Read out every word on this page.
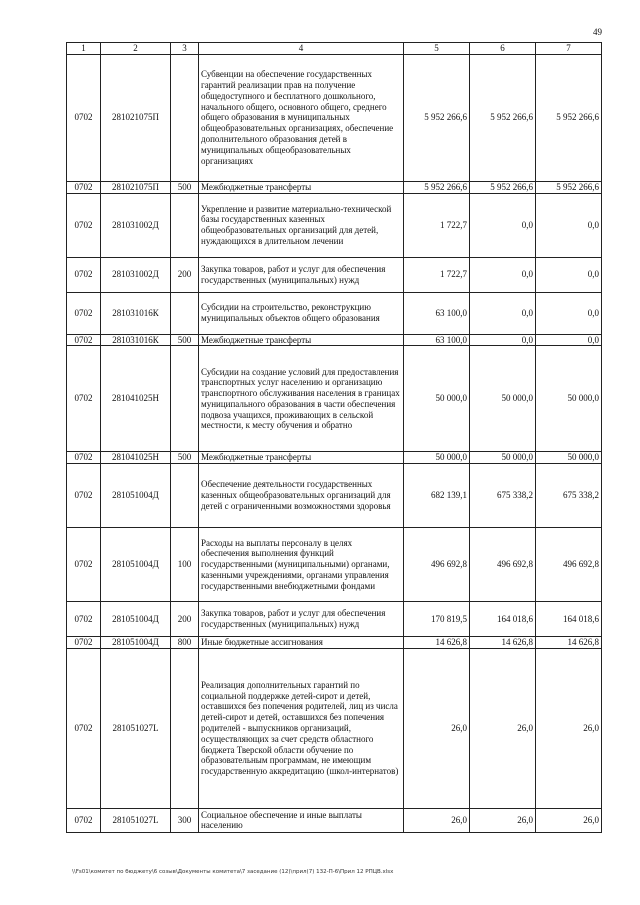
49
1	2	3	4	5	6	7
0702	281021075П		Субвенции на обеспечение государственных гарантий реализации прав на получение общедоступного и бесплатного дошкольного, начального общего, основного общего, среднего общего образования в муниципальных общеобразовательных организациях, обеспечение дополнительного образования детей в муниципальных общеобразовательных организациях	5 952 266,6	5 952 266,6	5 952 266,6
0702	281021075П	500	Межбюджетные трансферты	5 952 266,6	5 952 266,6	5 952 266,6
0702	281031002Д		Укрепление и развитие материально-технической базы государственных казенных общеобразовательных организаций для детей, нуждающихся в длительном лечении	1 722,7	0,0	0,0
0702	281031002Д	200	Закупка товаров, работ и услуг для обеспечения государственных (муниципальных) нужд	1 722,7	0,0	0,0
0702	281031016К		Субсидии на строительство, реконструкцию муниципальных объектов общего образования	63 100,0	0,0	0,0
0702	281031016К	500	Межбюджетные трансферты	63 100,0	0,0	0,0
0702	281041025Н		Субсидии на создание условий для предоставления транспортных услуг населению и организацию транспортного обслуживания населения в границах муниципального образования в части обеспечения подвоза учащихся, проживающих в сельской местности, к месту обучения и обратно	50 000,0	50 000,0	50 000,0
0702	281041025Н	500	Межбюджетные трансферты	50 000,0	50 000,0	50 000,0
0702	281051004Д		Обеспечение деятельности государственных казенных общеобразовательных организаций для детей с ограниченными возможностями здоровья	682 139,1	675 338,2	675 338,2
0702	281051004Д	100	Расходы на выплаты персоналу в целях обеспечения выполнения функций государственными (муниципальными) органами, казенными учреждениями, органами управления государственными внебюджетными фондами	496 692,8	496 692,8	496 692,8
0702	281051004Д	200	Закупка товаров, работ и услуг для обеспечения государственных (муниципальных) нужд	170 819,5	164 018,6	164 018,6
0702	281051004Д	800	Иные бюджетные ассигнования	14 626,8	14 626,8	14 626,8
0702	281051027L		Реализация дополнительных гарантий по социальной поддержке детей-сирот и детей, оставшихся без попечения родителей, лиц из числа детей-сирот и детей, оставшихся без попечения родителей - выпускников организаций, осуществляющих за счет средств областного бюджета Тверской области обучение по образовательным программам, не имеющим государственную аккредитацию (школ-интернатов)	26,0	26,0	26,0
0702	281051027L	300	Социальное обеспечение и иные выплаты населению	26,0	26,0	26,0
\\Fs01\комитет по бюджету\6 созыв\Документы комитета\7 заседание (12)\прил(7) 132-П-6\Прил 12 РПЦВ.xlsx
